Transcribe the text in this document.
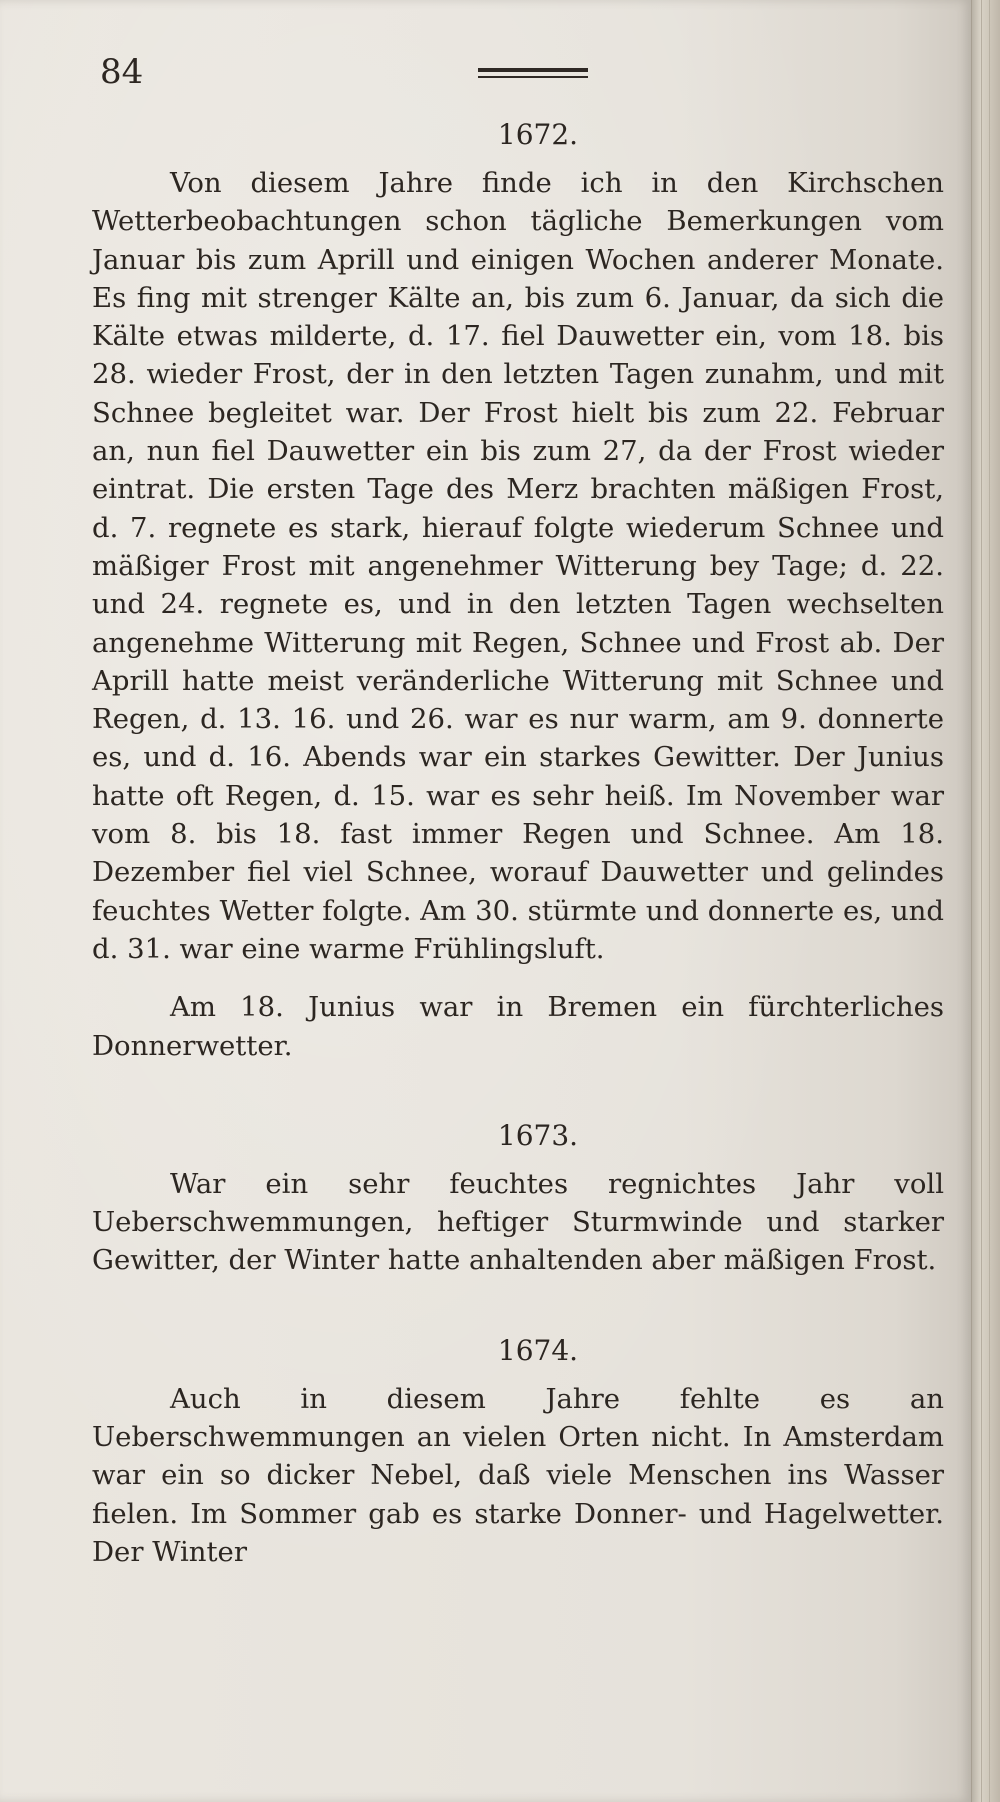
84
1672.

Von diesem Jahre finde ich in den Kirchschen Wetterbeobachtungen schon tägliche Bemerkungen vom Januar bis zum Aprill und einigen Wochen anderer Monate. Es fing mit strenger Kälte an, bis zum 6. Januar, da sich die Kälte etwas milderte, d. 17. fiel Dauwetter ein, vom 18. bis 28. wieder Frost, der in den letzten Tagen zunahm, und mit Schnee begleitet war. Der Frost hielt bis zum 22. Februar an, nun fiel Dauwetter ein bis zum 27, da der Frost wieder eintrat. Die ersten Tage des Merz brachten mäßigen Frost, d. 7. regnete es stark, hierauf folgte wiederum Schnee und mäßiger Frost mit angenehmer Witterung bey Tage; d. 22. und 24. regnete es, und in den letzten Tagen wechselten angenehme Witterung mit Regen, Schnee und Frost ab. Der Aprill hatte meist veränderliche Witterung mit Schnee und Regen, d. 13. 16. und 26. war es nur warm, am 9. donnerte es, und d. 16. Abends war ein starkes Gewitter. Der Junius hatte oft Regen, d. 15. war es sehr heiß. Im November war vom 8. bis 18. fast immer Regen und Schnee. Am 18. Dezember fiel viel Schnee, worauf Dauwetter und gelindes feuchtes Wetter folgte. Am 30. stürmte und donnerte es, und d. 31. war eine warme Frühlingsluft.

Am 18. Junius war in Bremen ein fürchterliches Donnerwetter.

1673.

War ein sehr feuchtes regnichtes Jahr voll Ueberschwemmungen, heftiger Sturmwinde und starker Gewitter, der Winter hatte anhaltenden aber mäßigen Frost.

1674.

Auch in diesem Jahre fehlte es an Ueberschwemmungen an vielen Orten nicht. In Amsterdam war ein so dicker Nebel, daß viele Menschen ins Wasser fielen. Im Sommer gab es starke Donner- und Hagelwetter. Der Winter
